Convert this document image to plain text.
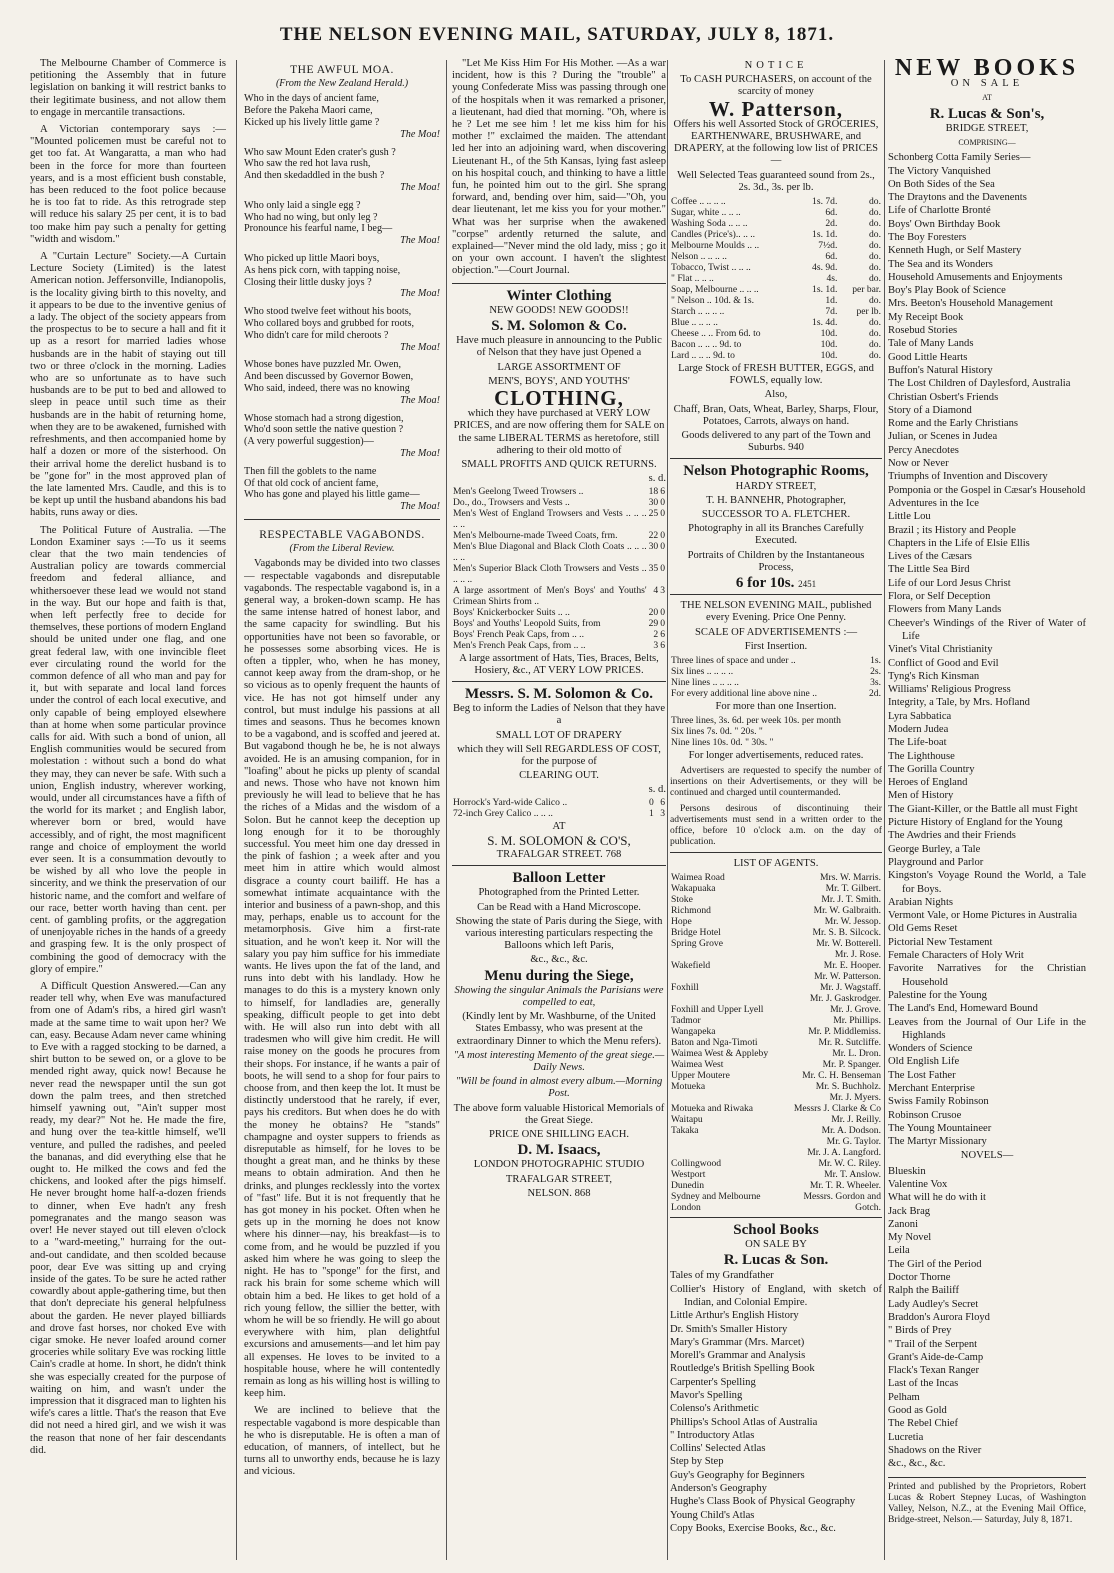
THE NELSON EVENING MAIL, SATURDAY, JULY 8, 1871.

The Melbourne Chamber of Commerce is petitioning the Assembly that in future legislation on banking it will restrict banks to their legitimate business, and not allow them to engage in mercantile transactions.

A Victorian contemporary says :— "Mounted policemen must be careful not to get too fat. At Wangaratta, a man who had been in the force for more than fourteen years, and is a most efficient bush constable, has been reduced to the foot police because he is too fat to ride. As this retrograde step will reduce his salary 25 per cent, it is to bad too make him pay such a penalty for getting "width and wisdom."

A "Curtain Lecture" Society.—A Curtain Lecture Society (Limited) is the latest American notion. Jeffersonville, Indianopolis, is the locality giving birth to this novelty, and it appears to be due to the inventive genius of a lady. The object of the society appears from the prospectus to be to secure a hall and fit it up as a resort for married ladies whose husbands are in the habit of staying out till two or three o'clock in the morning. Ladies who are so unfortunate as to have such husbands are to be put to bed and allowed to sleep in peace until such time as their husbands are in the habit of returning home, when they are to be awakened, furnished with refreshments, and then accompanied home by half a dozen or more of the sisterhood. On their arrival home the derelict husband is to be "gone for" in the most approved plan of the late lamented Mrs. Caudle, and this is to be kept up until the husband abandons his bad habits, runs away or dies.

The Political Future of Australia. —The London Examiner says :—To us it seems clear that the two main tendencies of Australian policy are towards commercial freedom and federal alliance, and whithersoever these lead we would not stand in the way. But our hope and faith is that, when left perfectly free to decide for themselves, these portions of modern England should be united under one flag, and one great federal law, with one invincible fleet ever circulating round the world for the common defence of all who man and pay for it, but with separate and local land forces under the control of each local executive, and only capable of being employed elsewhere than at home when some particular province calls for aid. With such a bond of union, all English communities would be secured from molestation : without such a bond do what they may, they can never be safe. With such a union, English industry, wherever working, would, under all circumstances have a fifth of the world for its market ; and English labor, wherever born or bred, would have accessibly, and of right, the most magnificent range and choice of employment the world ever seen. It is a consummation devoutly to be wished by all who love the people in sincerity, and we think the preservation of our historic name, and the comfort and welfare of our race, better worth having than cent. per cent. of gambling profits, or the aggregation of unenjoyable riches in the hands of a greedy and grasping few. It is the only prospect of combining the good of democracy with the glory of empire."

A Difficult Question Answered.—Can any reader tell why, when Eve was manufactured from one of Adam's ribs, a hired girl wasn't made at the same time to wait upon her? We can, easy. Because Adam never came whining to Eve with a ragged stocking to be darned, a shirt button to be sewed on, or a glove to be mended right away, quick now! Because he never read the newspaper until the sun got down the palm trees, and then stretched himself yawning out, "Ain't supper most ready, my dear?" Not he. He made the fire, and hung over the tea-kittle himself, we'll venture, and pulled the radishes, and peeled the bananas, and did everything else that he ought to. He milked the cows and fed the chickens, and looked after the pigs himself. He never brought home half-a-dozen friends to dinner, when Eve hadn't any fresh pomegranates and the mango season was over! He never stayed out till eleven o'clock to a "ward-meeting," hurraing for the out-and-out candidate, and then scolded because poor, dear Eve was sitting up and crying inside of the gates. To be sure he acted rather cowardly about apple-gathering time, but then that don't depreciate his general helpfulness about the garden. He never played billiards and drove fast horses, nor choked Eve with cigar smoke. He never loafed around corner groceries while solitary Eve was rocking little Cain's cradle at home. In short, he didn't think she was especially created for the purpose of waiting on him, and wasn't under the impression that it disgraced man to lighten his wife's cares a little. That's the reason that Eve did not need a hired girl, and we wish it was the reason that none of her fair descendants did.

THE AWFUL MOA.
(From the New Zealand Herald.)
Who in the days of ancient fame,
Before the Pakeha Maori came,
Kicked up his lively little game ?
The Moa!
Who saw Mount Eden crater's gush ?
Who saw the red hot lava rush,
And then skedaddled in the bush ?
The Moa!
Who only laid a single egg ?
Who had no wing, but only leg ?
Pronounce his fearful name, I beg—
The Moa!
Who picked up little Maori boys,
As hens pick corn, with tapping noise,
Closing their little dusky joys ?
The Moa!
Who stood twelve feet without his boots,
Who collared boys and grubbed for roots,
Who didn't care for mild cheroots ?
The Moa!
Whose bones have puzzled Mr. Owen,
And been discussed by Governor Bowen,
Who said, indeed, there was no knowing
The Moa!
Whose stomach had a strong digestion,
Who'd soon settle the native question ?
(A very powerful suggestion)—
The Moa!
Then fill the goblets to the name
Of that old cock of ancient fame,
Who has gone and played his little game—
The Moa!
RESPECTABLE VAGABONDS.
(From the Liberal Review.

Vagabonds may be divided into two classes — respectable vagabonds and disreputable vagabonds. The respectable vagabond is, in a general way, a broken-down scamp. He has the same intense hatred of honest labor, and the same capacity for swindling. But his opportunities have not been so favorable, or he possesses some absorbing vices. He is often a tippler, who, when he has money, cannot keep away from the dram-shop, or he so vicious as to openly frequent the haunts of vice. He has not got himself under any control, but must indulge his passions at all times and seasons. Thus he becomes known to be a vagabond, and is scoffed and jeered at. But vagabond though he be, he is not always avoided. He is an amusing companion, for in "loafing" about he picks up plenty of scandal and news. Those who have not known him previously he will lead to believe that he has the riches of a Midas and the wisdom of a Solon. But he cannot keep the deception up long enough for it to be thoroughly successful. You meet him one day dressed in the pink of fashion ; a week after and you meet him in attire which would almost disgrace a county court bailiff. He has a somewhat intimate acquaintance with the interior and business of a pawn-shop, and this may, perhaps, enable us to account for the metamorphosis. Give him a first-rate situation, and he won't keep it. Nor will the salary you pay him suffice for his immediate wants. He lives upon the fat of the land, and runs into debt with his landlady. How he manages to do this is a mystery known only to himself, for landladies are, generally speaking, difficult people to get into debt with. He will also run into debt with all tradesmen who will give him credit. He will raise money on the goods he procures from their shops. For instance, if he wants a pair of boots, he will send to a shop for four pairs to choose from, and then keep the lot. It must be distinctly understood that he rarely, if ever, pays his creditors. But when does he do with the money he obtains? He "stands" champagne and oyster suppers to friends as disreputable as himself, for he loves to be thought a great man, and he thinks by these means to obtain admiration. And then he drinks, and plunges recklessly into the vortex of "fast" life. But it is not frequently that he has got money in his pocket. Often when he gets up in the morning he does not know where his dinner—nay, his breakfast—is to come from, and he would be puzzled if you asked him where he was going to sleep the night. He has to "sponge" for the first, and rack his brain for some scheme which will obtain him a bed. He likes to get hold of a rich young fellow, the sillier the better, with whom he will be so friendly. He will go about everywhere with him, plan delightful excursions and amusements—and let him pay all expenses. He loves to be invited to a hospitable house, where he will contentedly remain as long as his willing host is willing to keep him.

We are inclined to believe that the respectable vagabond is more despicable than he who is disreputable. He is often a man of education, of manners, of intellect, but he turns all to unworthy ends, because he is lazy and vicious.

"Let Me Kiss Him For His Mother. —As a war incident, how is this ? During the "trouble" a young Confederate Miss was passing through one of the hospitals when it was remarked a prisoner, a lieutenant, had died that morning. "Oh, where is he ? Let me see him ! let me kiss him for his mother !" exclaimed the maiden. The attendant led her into an adjoining ward, when discovering Lieutenant H., of the 5th Kansas, lying fast asleep on his hospital couch, and thinking to have a little fun, he pointed him out to the girl. She sprang forward, and, bending over him, said—"Oh, you dear lieutenant, let me kiss you for your mother." What was her surprise when the awakened "corpse" ardently returned the salute, and explained—"Never mind the old lady, miss ; go it on your own account. I haven't the slightest objection."—Court Journal.

Winter Clothing
NEW GOODS! NEW GOODS!!
S. M. Solomon & Co.
Have much pleasure in announcing to the Public of Nelson that they have just Opened a
LARGE ASSORTMENT OF
MEN'S, BOYS', AND YOUTHS'
CLOTHING,
which they have purchased at VERY LOW PRICES, and are now offering them for SALE on the same LIBERAL TERMS as heretofore, still adhering to their old motto of
SMALL PROFITS AND QUICK RETURNS.
s. d.
Men's Geelong Tweed Trowsers ..	18	6
Do., do., Trowsers and Vests ..	30	0
Men's West of England Trowsers and Vests .. .. .. .. ..	25	0
Men's Melbourne-made Tweed Coats, frm.	22	0
Men's Blue Diagonal and Black Cloth Coats .. .. .. .. ..	30	0
Men's Superior Black Cloth Trowsers and Vests .. .. .. ..	35	0
A large assortment of Men's Boys' and Youths' Crimean Shirts from ..	4	3
Boys' Knickerbocker Suits .. ..	20	0
Boys' and Youths' Leopold Suits, from	29	0
Boys' French Peak Caps, from .. ..	2	6
Men's French Peak Caps, from .. ..	3	6
A large assortment of Hats, Ties, Braces, Belts, Hosiery, &c., AT VERY LOW PRICES.
Messrs. S. M. Solomon & Co.
Beg to inform the Ladies of Nelson that they have a
SMALL LOT OF DRAPERY
which they will Sell REGARDLESS OF COST, for the purpose of
CLEARING OUT.
s. d.
Horrock's Yard-wide Calico ..	0	6
72-inch Grey Calico .. .. ..	1	3
AT
S. M. SOLOMON & CO'S,
TRAFALGAR STREET. 768
Balloon Letter
Photographed from the Printed Letter.
Can be Read with a Hand Microscope.
Showing the state of Paris during the Siege, with various interesting particulars respecting the Balloons which left Paris,
&c., &c., &c.
Menu during the Siege,
Showing the singular Animals the Parisians were compelled to eat,
(Kindly lent by Mr. Washburne, of the United States Embassy, who was present at the extraordinary Dinner to which the Menu refers).
"A most interesting Memento of the great siege.—Daily News.
"Will be found in almost every album.—Morning Post.
The above form valuable Historical Memorials of the Great Siege.
PRICE ONE SHILLING EACH.
D. M. Isaacs,
LONDON PHOTOGRAPHIC STUDIO
TRAFALGAR STREET,
NELSON. 868
NOTICE
To CASH PURCHASERS, on account of the scarcity of money
W. Patterson,
Offers his well Assorted Stock of GROCERIES, EARTHENWARE, BRUSHWARE, and DRAPERY, at the following low list of PRICES—
Well Selected Teas guaranteed sound from 2s., 2s. 3d., 3s. per lb.
Coffee .. .. .. ..	1s. 7d.	do.
Sugar, white .. .. ..	6d.	do.
Washing Soda .. .. ..	2d.	do.
Candles (Price's).. .. ..	1s. 1d.	do.
Melbourne Moulds .. ..	7½d.	do.
Nelson .. .. .. ..	6d.	do.
Tobacco, Twist .. .. ..	4s. 9d.	do.
" Flat .. .. ..	4s.	do.
Soap, Melbourne .. .. ..	1s. 1d.	per bar.
" Nelson .. 10d. & 1s.	1d.	do.
Starch .. .. .. ..	7d.	per lb.
Blue .. .. .. ..	1s. 4d.	do.
Cheese .. .. From 6d. to	10d.	do.
Bacon .. .. .. 9d. to	10d.	do.
Lard .. .. .. 9d. to	10d.	do.
Large Stock of FRESH BUTTER, EGGS, and FOWLS, equally low.
Also,
Chaff, Bran, Oats, Wheat, Barley, Sharps, Flour, Potatoes, Carrots, always on hand.
Goods delivered to any part of the Town and Suburbs. 940
Nelson Photographic Rooms,
HARDY STREET,
T. H. BANNEHR, Photographer,
SUCCESSOR TO A. FLETCHER.
Photography in all its Branches Carefully Executed.
Portraits of Children by the Instantaneous Process,
6 for 10s. 2451
THE NELSON EVENING MAIL, published every Evening. Price One Penny.
SCALE OF ADVERTISEMENTS :—
First Insertion.
Three lines of space and under ..	1s.
Six lines .. .. .. ..	2s.
Nine lines .. .. .. ..	3s.
For every additional line above nine ..	2d.
For more than one Insertion.
Three lines, 3s. 6d. per week 10s. per month	
Six lines 7s. 0d. " 20s. "	
Nine lines 10s. 0d. " 30s. "	
For longer advertisements, reduced rates.

Advertisers are requested to specify the number of insertions on their Advertisements, or they will be continued and charged until countermanded.

Persons desirous of discontinuing their advertisements must send in a written order to the office, before 10 o'clock a.m. on the day of publication.

LIST OF AGENTS.
Waimea Road	Mrs. W. Marris.
Wakapuaka	Mr. T. Gilbert.
Stoke	Mr. J. T. Smith.
Richmond	Mr. W. Galbraith.
Hope	Mr. W. Jessop.
Bridge Hotel	Mr. S. B. Silcock.
Spring Grove	Mr. W. Botterell.
	Mr. J. Rose.
Wakefield	Mr. E. Hooper.
	Mr. W. Patterson.
Foxhill	Mr. J. Wagstaff.
	Mr. J. Gaskrodger.
Foxhill and Upper Lyell	Mr. J. Grove.
Tadmor	Mr. Phillips.
Wangapeka	Mr. P. Middlemiss.
Baton and Nga-Timoti	Mr. R. Sutcliffe.
Waimea West & Appleby	Mr. L. Dron.
Waimea West	Mr. P. Spanger.
Upper Moutere	Mr. C. H. Benseman
Motueka	Mr. S. Buchholz.
	Mr. J. Myers.
Motueka and Riwaka	Messrs J. Clarke & Co
Waitapu	Mr. J. Reilly.
Takaka	Mr. A. Dodson.
	Mr. G. Taylor.
	Mr. J. A. Langford.
Collingwood	Mr. W. C. Riley.
Westport	Mr. T. Anslow.
Dunedin	Mr. T. R. Wheeler.
Sydney and Melbourne	Messrs. Gordon and
London	Gotch.
School Books
ON SALE BY
R. Lucas & Son.
Tales of my Grandfather
Collier's History of England, with sketch of Indian, and Colonial Empire.
Little Arthur's English History
Dr. Smith's Smaller History
Mary's Grammar (Mrs. Marcet)
Morell's Grammar and Analysis
Routledge's British Spelling Book
Carpenter's Spelling
Mavor's Spelling
Colenso's Arithmetic
Phillips's School Atlas of Australia
" Introductory Atlas
Collins' Selected Atlas
Step by Step
Guy's Geography for Beginners
Anderson's Geography
Hughe's Class Book of Physical Geography
Young Child's Atlas
Copy Books, Exercise Books, &c., &c.
NEW BOOKS
ON SALE
AT
R. Lucas & Son's,
BRIDGE STREET,
COMPRISING—
Schonberg Cotta Family Series—
The Victory Vanquished
On Both Sides of the Sea
The Draytons and the Davenents
Life of Charlotte Bronté
Boys' Own Birthday Book
The Boy Foresters
Kenneth Hugh, or Self Mastery
The Sea and its Wonders
Household Amusements and Enjoyments
Boy's Play Book of Science
Mrs. Beeton's Household Management
My Receipt Book
Rosebud Stories
Tale of Many Lands
Good Little Hearts
Buffon's Natural History
The Lost Children of Daylesford, Australia
Christian Osbert's Friends
Story of a Diamond
Rome and the Early Christians
Julian, or Scenes in Judea
Percy Anecdotes
Now or Never
Triumphs of Invention and Discovery
Pomponia or the Gospel in Cæsar's Household
Adventures in the Ice
Little Lou
Brazil ; its History and People
Chapters in the Life of Elsie Ellis
Lives of the Cæsars
The Little Sea Bird
Life of our Lord Jesus Christ
Flora, or Self Deception
Flowers from Many Lands
Cheever's Windings of the River of Water of Life
Vinet's Vital Christianity
Conflict of Good and Evil
Tyng's Rich Kinsman
Williams' Religious Progress
Integrity, a Tale, by Mrs. Hofland
Lyra Sabbatica
Modern Judea
The Life-boat
The Lighthouse
The Gorilla Country
Heroes of England
Men of History
The Giant-Killer, or the Battle all must Fight
Picture History of England for the Young
The Awdries and their Friends
George Burley, a Tale
Playground and Parlor
Kingston's Voyage Round the World, a Tale for Boys.
Arabian Nights
Vermont Vale, or Home Pictures in Australia
Old Gems Reset
Pictorial New Testament
Female Characters of Holy Writ
Favorite Narratives for the Christian Household
Palestine for the Young
The Land's End, Homeward Bound
Leaves from the Journal of Our Life in the Highlands
Wonders of Science
Old English Life
The Lost Father
Merchant Enterprise
Swiss Family Robinson
Robinson Crusoe
The Young Mountaineer
The Martyr Missionary
NOVELS—
Blueskin
Valentine Vox
What will he do with it
Jack Brag
Zanoni
My Novel
Leila
The Girl of the Period
Doctor Thorne
Ralph the Bailiff
Lady Audley's Secret
Braddon's Aurora Floyd
" Birds of Prey
" Trail of the Serpent
Grant's Aide-de-Camp
Flack's Texan Ranger
Last of the Incas
Pelham
Good as Gold
The Rebel Chief
Lucretia
Shadows on the River
&c., &c., &c.
Printed and published by the Proprietors, Robert Lucas & Robert Stepney Lucas, of Washington Valley, Nelson, N.Z., at the Evening Mail Office, Bridge-street, Nelson.— Saturday, July 8, 1871.
